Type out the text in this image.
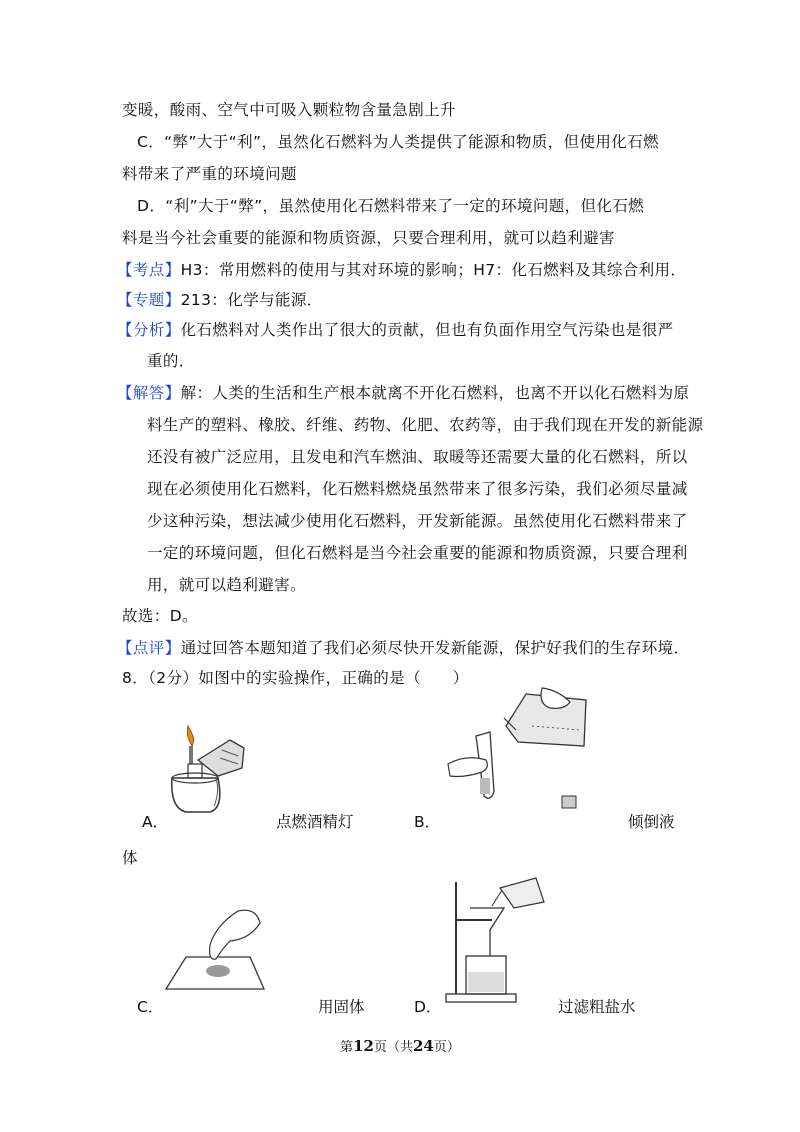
变暖，酸雨、空气中可吸入颗粒物含量急剧上升
C．“弊”大于“利”，虽然化石燃料为人类提供了能源和物质，但使用化石燃
料带来了严重的环境问题
D．“利”大于“弊”，虽然使用化石燃料带来了一定的环境问题，但化石燃
料是当今社会重要的能源和物质资源，只要合理利用，就可以趋利避害
【考点】H3：常用燃料的使用与其对环境的影响；H7：化石燃料及其综合利用．
【专题】213：化学与能源．
【分析】化石燃料对人类作出了很大的贡献，但也有负面作用空气污染也是很严
重的．
【解答】解：人类的生活和生产根本就离不开化石燃料，也离不开以化石燃料为原
料生产的塑料、橡胶、纤维、药物、化肥、农药等，由于我们现在开发的新能源
还没有被广泛应用，且发电和汽车燃油、取暖等还需要大量的化石燃料，所以
现在必须使用化石燃料，化石燃料燃烧虽然带来了很多污染，我们必须尽量减
少这种污染，想法减少使用化石燃料，开发新能源。虽然使用化石燃料带来了
一定的环境问题，但化石燃料是当今社会重要的能源和物质资源，只要合理利
用，就可以趋利避害。
故选：D。
【点评】通过回答本题知道了我们必须尽快开发新能源，保护好我们的生存环境．
8．（2分）如图中的实验操作，正确的是（　　）
A．	点燃酒精灯	B．	倾倒液
体
C．	用固体	D．	过滤粗盐水
第12页（共24页）
